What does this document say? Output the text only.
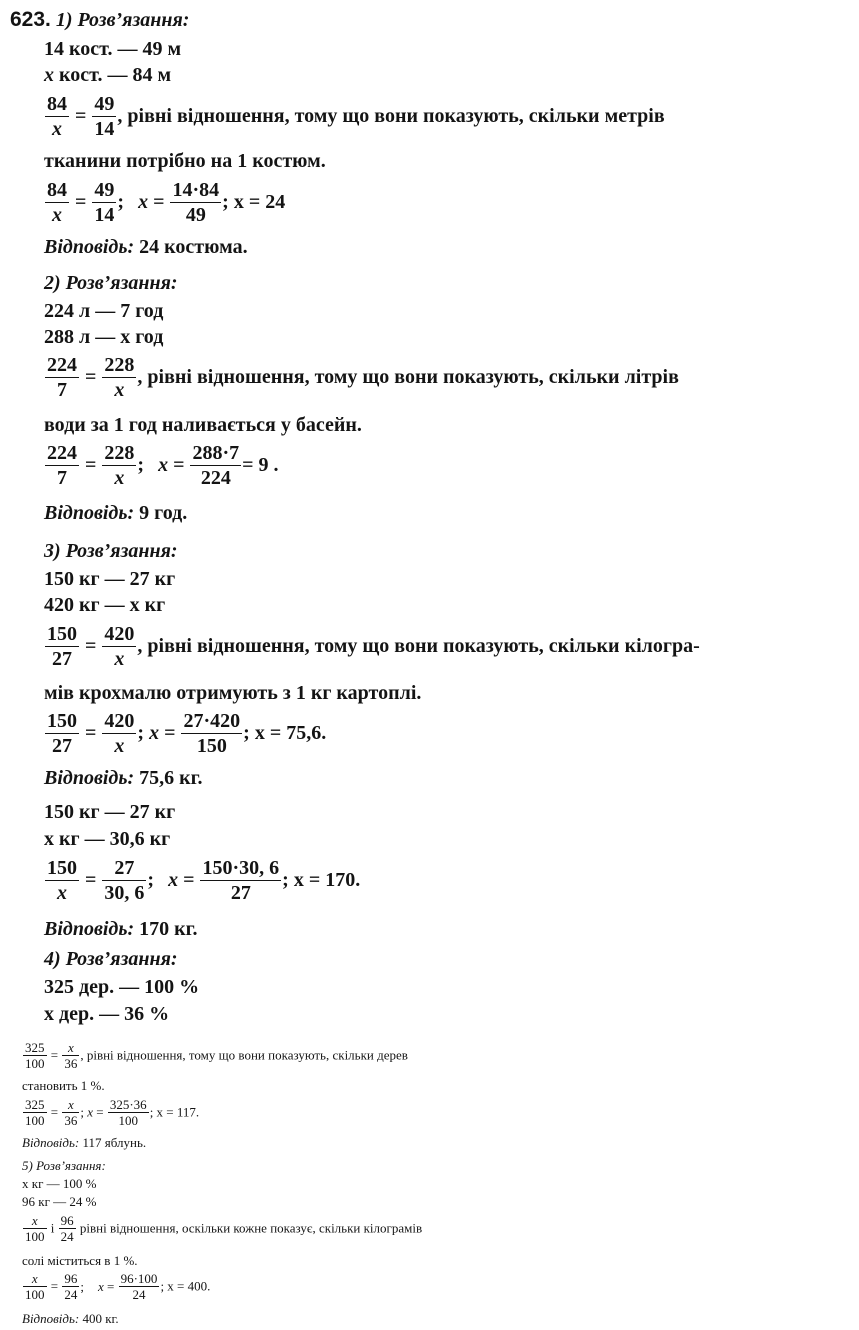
623. 1) Розв’язання:
14 кост. — 49 м
x кост. — 84 м
$\frac{84}{x} = \frac{49}{14}$ , рівні відношення, тому що вони показують, скільки метрів
тканини потрібно на 1 костюм.
$\frac{84}{x} = \frac{49}{14}$ ; $x = \frac{14\cdot 84}{49}$ ; x = 24
Відповідь: 24 костюма.
2) Розв’язання:
224 л — 7 год
288 л — x год
$\frac{224}{7} = \frac{228}{x}$ , рівні відношення, тому що вони показують, скільки літрів
води за 1 год наливається у басейн.
$\frac{224}{7} = \frac{228}{x}$ ; $x = \frac{288\cdot 7}{224} = 9$ .
Відповідь: 9 год.
3) Розв’язання:
150 кг — 27 кг
420 кг — x кг
$\frac{150}{27} = \frac{420}{x}$ , рівні відношення, тому що вони показують, скільки кілогра-
мів крохмалю отримують з 1 кг картоплі.
$\frac{150}{27} = \frac{420}{x}$ ; $x = \frac{27\cdot 420}{150}$ ; x = 75,6.
Відповідь: 75,6 кг.
150 кг — 27 кг
x кг — 30,6 кг
$\frac{150}{x} = \frac{27}{30, 6}$ ; $x = \frac{150\cdot 30, 6}{27}$ ; x = 170.
Відповідь: 170 кг.
4) Розв’язання:
325 дер. — 100 %
x дер. — 36 %
$\frac{325}{100} = \frac{x}{36}$ , рівні відношення, тому що вони показують, скільки дерев
становить 1 %.
$\frac{325}{100} = \frac{x}{36}$ ; $x = \frac{325\cdot 36}{100}$ ; x = 117.
Відповідь: 117 яблунь.
5) Розв’язання:
x кг — 100 %
96 кг — 24 %
$\frac{x}{100}$ і $\frac{96}{24}$ рівні відношення, оскільки кожне показує, скільки кілограмів
солі міститься в 1 %.
$\frac{x}{100} = \frac{96}{24}$ ; $x = \frac{96\cdot 100}{24}$ ; x = 400.
Відповідь: 400 кг.
